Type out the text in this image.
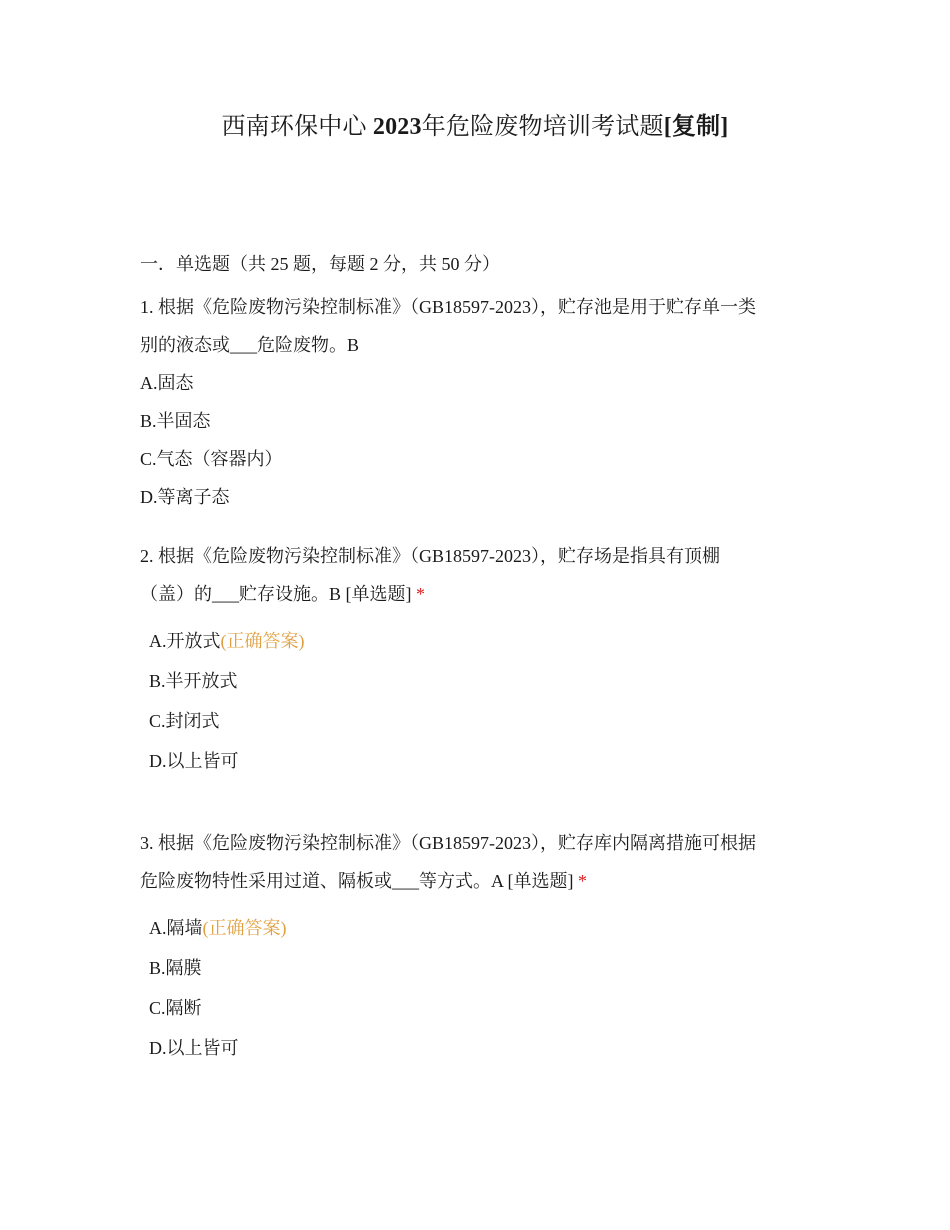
西南环保中心 2023年危险废物培训考试题[复制]
一．单选题（共 25 题，每题 2 分，共 50 分）
1. 根据《危险废物污染控制标准》（GB18597-2023），贮存池是用于贮存单一类
别的液态或___危险废物。B
A.固态
B.半固态
C.气态（容器内）
D.等离子态
2. 根据《危险废物污染控制标准》（GB18597-2023），贮存场是指具有顶棚
（盖）的___贮存设施。B [单选题] *
A.开放式(正确答案)
B.半开放式
C.封闭式
D.以上皆可
3. 根据《危险废物污染控制标准》（GB18597-2023），贮存库内隔离措施可根据
危险废物特性采用过道、隔板或___等方式。A [单选题] *
A.隔墙(正确答案)
B.隔膜
C.隔断
D.以上皆可
